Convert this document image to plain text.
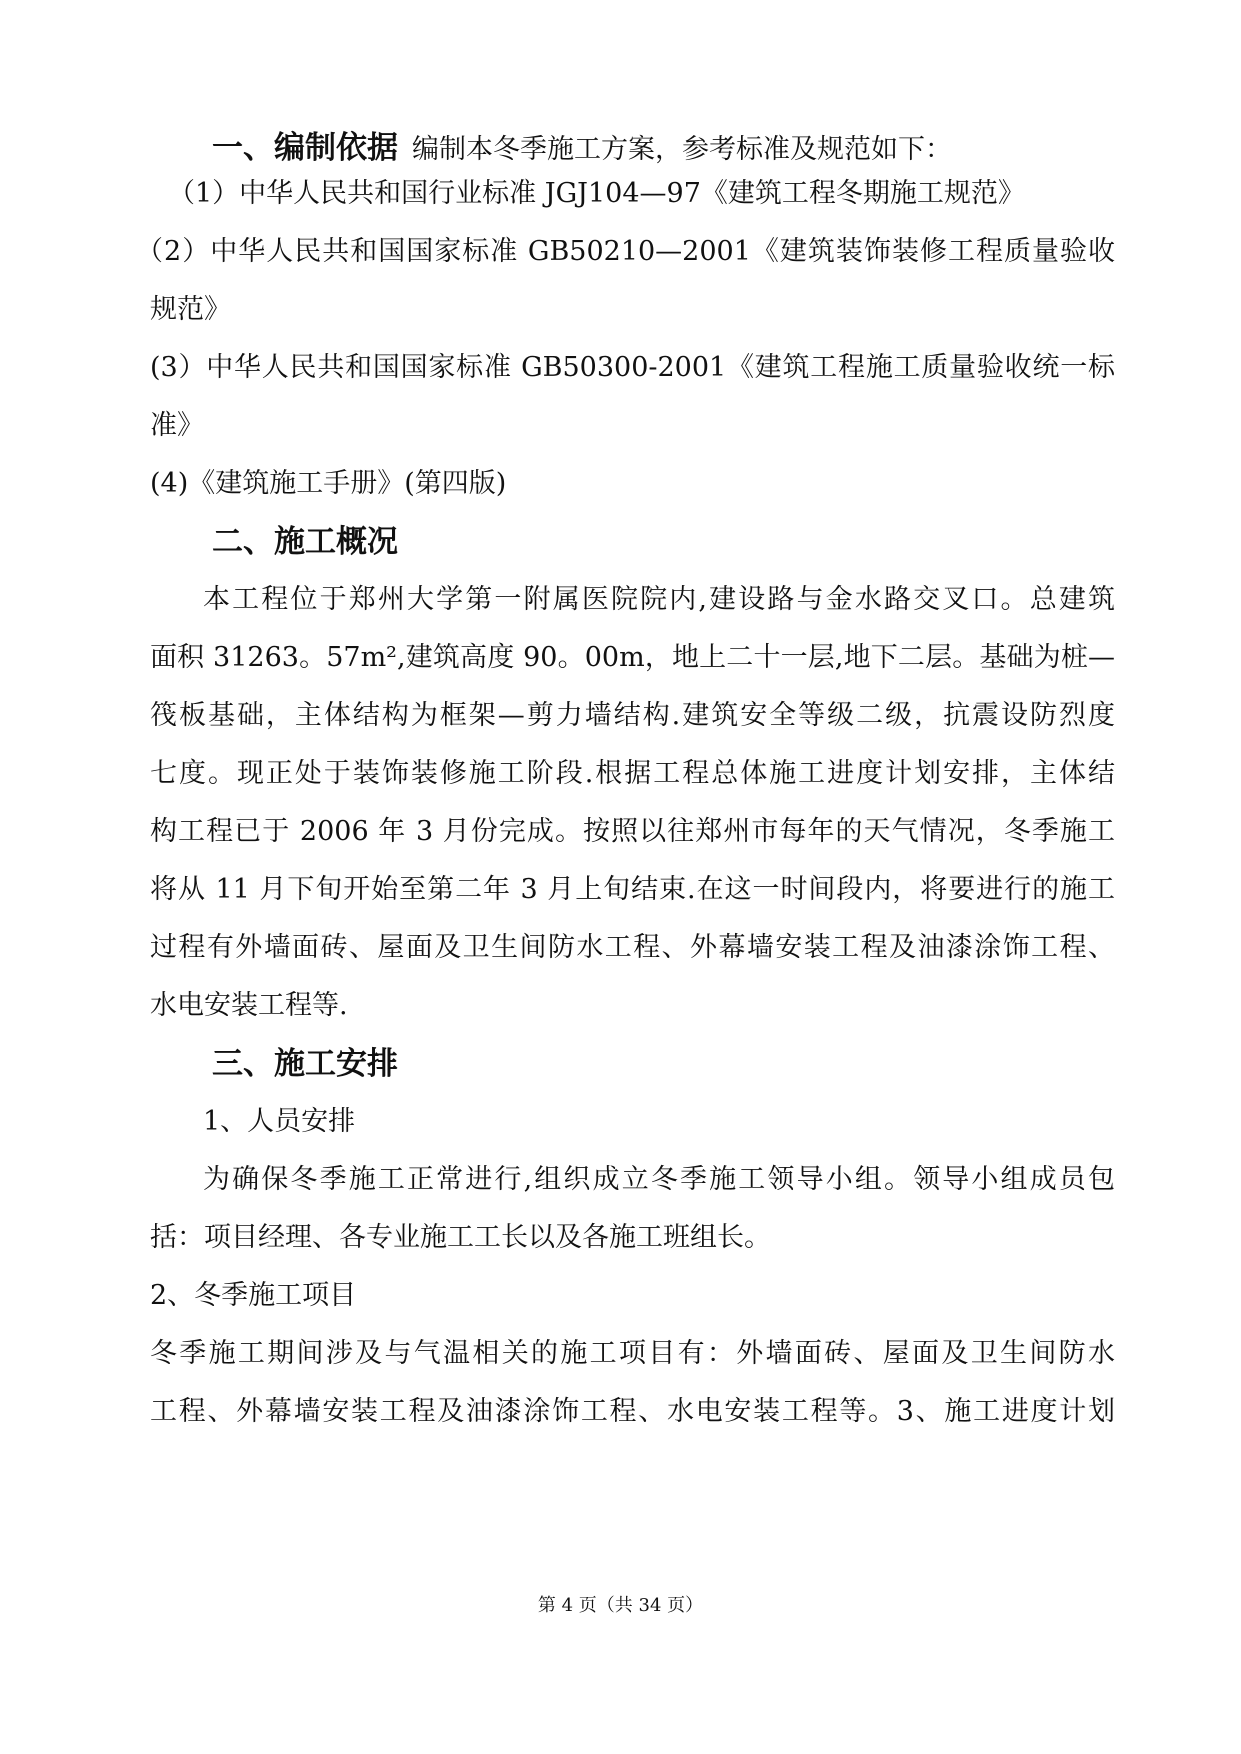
一、编制依据 编制本冬季施工方案，参考标准及规范如下：
（1）中华人民共和国行业标准 JGJ104—97《建筑工程冬期施工规范》
（2）中华人民共和国国家标准 GB50210—2001《建筑装饰装修工程质量验收
规范》
(3）中华人民共和国国家标准 GB50300-2001《建筑工程施工质量验收统一标
准》
(4)《建筑施工手册》(第四版)
二、施工概况
本工程位于郑州大学第一附属医院院内,建设路与金水路交叉口。总建筑
面积 31263。57m²,建筑高度 90。00m，地上二十一层,地下二层。基础为桩—
筏板基础，主体结构为框架—剪力墙结构.建筑安全等级二级，抗震设防烈度
七度。现正处于装饰装修施工阶段.根据工程总体施工进度计划安排，主体结
构工程已于 2006 年 3 月份完成。按照以往郑州市每年的天气情况，冬季施工
将从 11 月下旬开始至第二年 3 月上旬结束.在这一时间段内，将要进行的施工
过程有外墙面砖、屋面及卫生间防水工程、外幕墙安装工程及油漆涂饰工程、
水电安装工程等.
三、施工安排
1、人员安排
为确保冬季施工正常进行,组织成立冬季施工领导小组。领导小组成员包
括：项目经理、各专业施工工长以及各施工班组长。
2、冬季施工项目
冬季施工期间涉及与气温相关的施工项目有：外墙面砖、屋面及卫生间防水
工程、外幕墙安装工程及油漆涂饰工程、水电安装工程等。3、施工进度计划
第 4 页（共 34 页）
